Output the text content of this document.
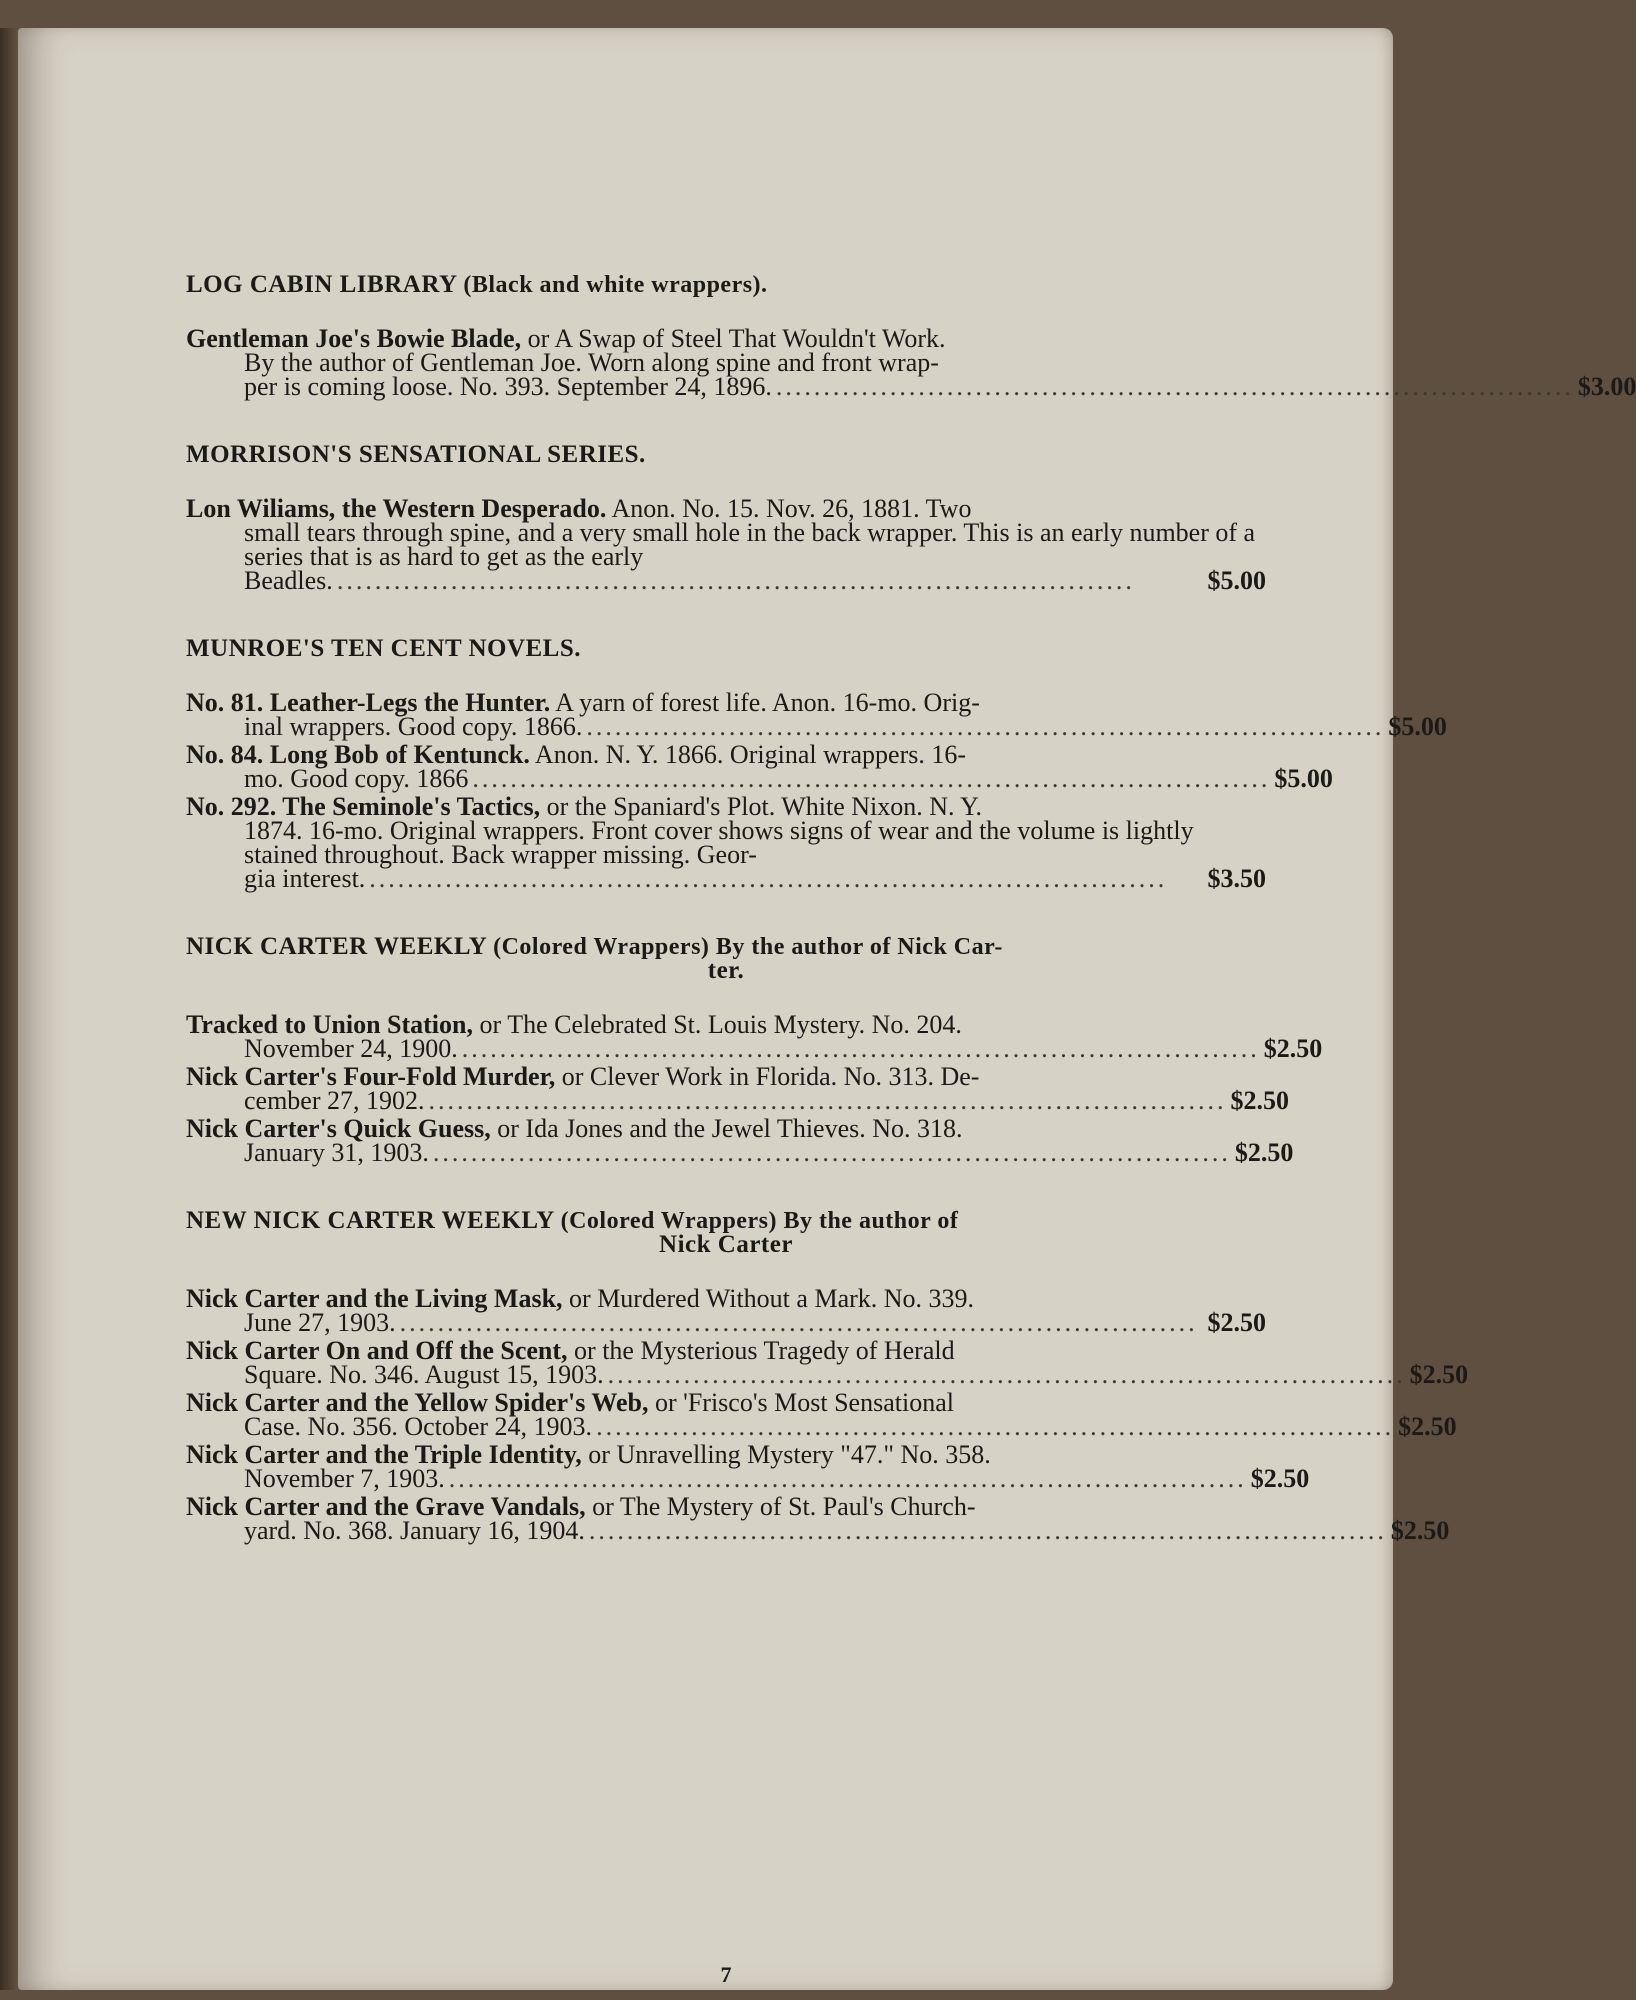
LOG CABIN LIBRARY (Black and white wrappers).
Gentleman Joe's Bowie Blade, or A Swap of Steel That Wouldn't Work.
By the author of Gentleman Joe. Worn along spine and front wrap-
per is coming loose. No. 393. September 24, 1896. .................................................................................... $3.00
MORRISON'S SENSATIONAL SERIES.
Lon Wiliams, the Western Desperado. Anon. No. 15. Nov. 26, 1881. Two
small tears through spine, and a very small hole in the back wrapper. This is an early number of a series that is as hard to get as the early
Beadles. ....................................................................................	$5.00
MUNROE'S TEN CENT NOVELS.
No. 81. Leather-Legs the Hunter. A yarn of forest life. Anon. 16-mo. Orig-
inal wrappers. Good copy. 1866. .................................................................................... $5.00
No. 84. Long Bob of Kentunck. Anon. N. Y. 1866. Original wrappers. 16-
mo. Good copy. 1866 .................................................................................... $5.00
No. 292. The Seminole's Tactics, or the Spaniard's Plot. White Nixon. N. Y.
1874. 16-mo. Original wrappers. Front cover shows signs of wear and the volume is lightly stained throughout. Back wrapper missing. Geor-
gia interest. ....................................................................................	$3.50
NICK CARTER WEEKLY (Colored Wrappers) By the author of Nick Car-
ter.
Tracked to Union Station, or The Celebrated St. Louis Mystery. No. 204.
November 24, 1900. .................................................................................... $2.50
Nick Carter's Four-Fold Murder, or Clever Work in Florida. No. 313. De-
cember 27, 1902. .................................................................................... $2.50
Nick Carter's Quick Guess, or Ida Jones and the Jewel Thieves. No. 318.
January 31, 1903. .................................................................................... $2.50
NEW NICK CARTER WEEKLY (Colored Wrappers) By the author of
Nick Carter
Nick Carter and the Living Mask, or Murdered Without a Mark. No. 339.
June 27, 1903. .................................................................................... $2.50
Nick Carter On and Off the Scent, or the Mysterious Tragedy of Herald
Square. No. 346. August 15, 1903. .................................................................................... $2.50
Nick Carter and the Yellow Spider's Web, or 'Frisco's Most Sensational
Case. No. 356. October 24, 1903. .................................................................................... $2.50
Nick Carter and the Triple Identity, or Unravelling Mystery "47." No. 358.
November 7, 1903. .................................................................................... $2.50
Nick Carter and the Grave Vandals, or The Mystery of St. Paul's Church-
yard. No. 368. January 16, 1904. .................................................................................... $2.50
7
